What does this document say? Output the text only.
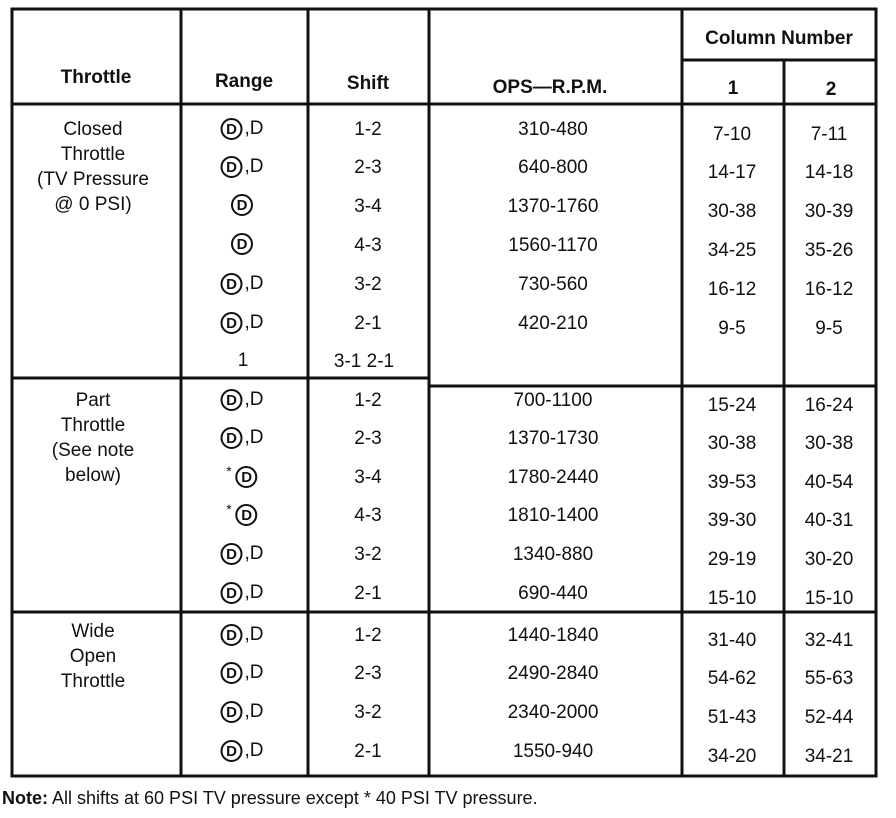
Throttle	Range	Shift	OPS—R.P.M.
Column Number
1	2
Closed
Throttle
(TV Pressure
@ 0 PSI)
D ,D	1-2	310-480	7-10	7-11
D ,D	2-3	640-800	14-17	14-18
D	3-4	1370-1760	30-38	30-39
D	4-3	1560-1170	34-25	35-26
D ,D	3-2	730-560	16-12	16-12
D ,D	2-1	420-210	9-5	9-5
1	3-1 2-1
Part
Throttle
(See note
below)
D ,D	1-2	700-1100	15-24	16-24
D ,D	2-3	1370-1730	30-38	30-38
* D	3-4	1780-2440	39-53	40-54
* D	4-3	1810-1400	39-30	40-31
D ,D	3-2	1340-880	29-19	30-20
D ,D	2-1	690-440	15-10	15-10
Wide
Open
Throttle
D ,D	1-2	1440-1840	31-40	32-41
D ,D	2-3	2490-2840	54-62	55-63
D ,D	3-2	2340-2000	51-43	52-44
D ,D	2-1	1550-940	34-20	34-21
Note: All shifts at 60 PSI TV pressure except * 40 PSI TV pressure.
